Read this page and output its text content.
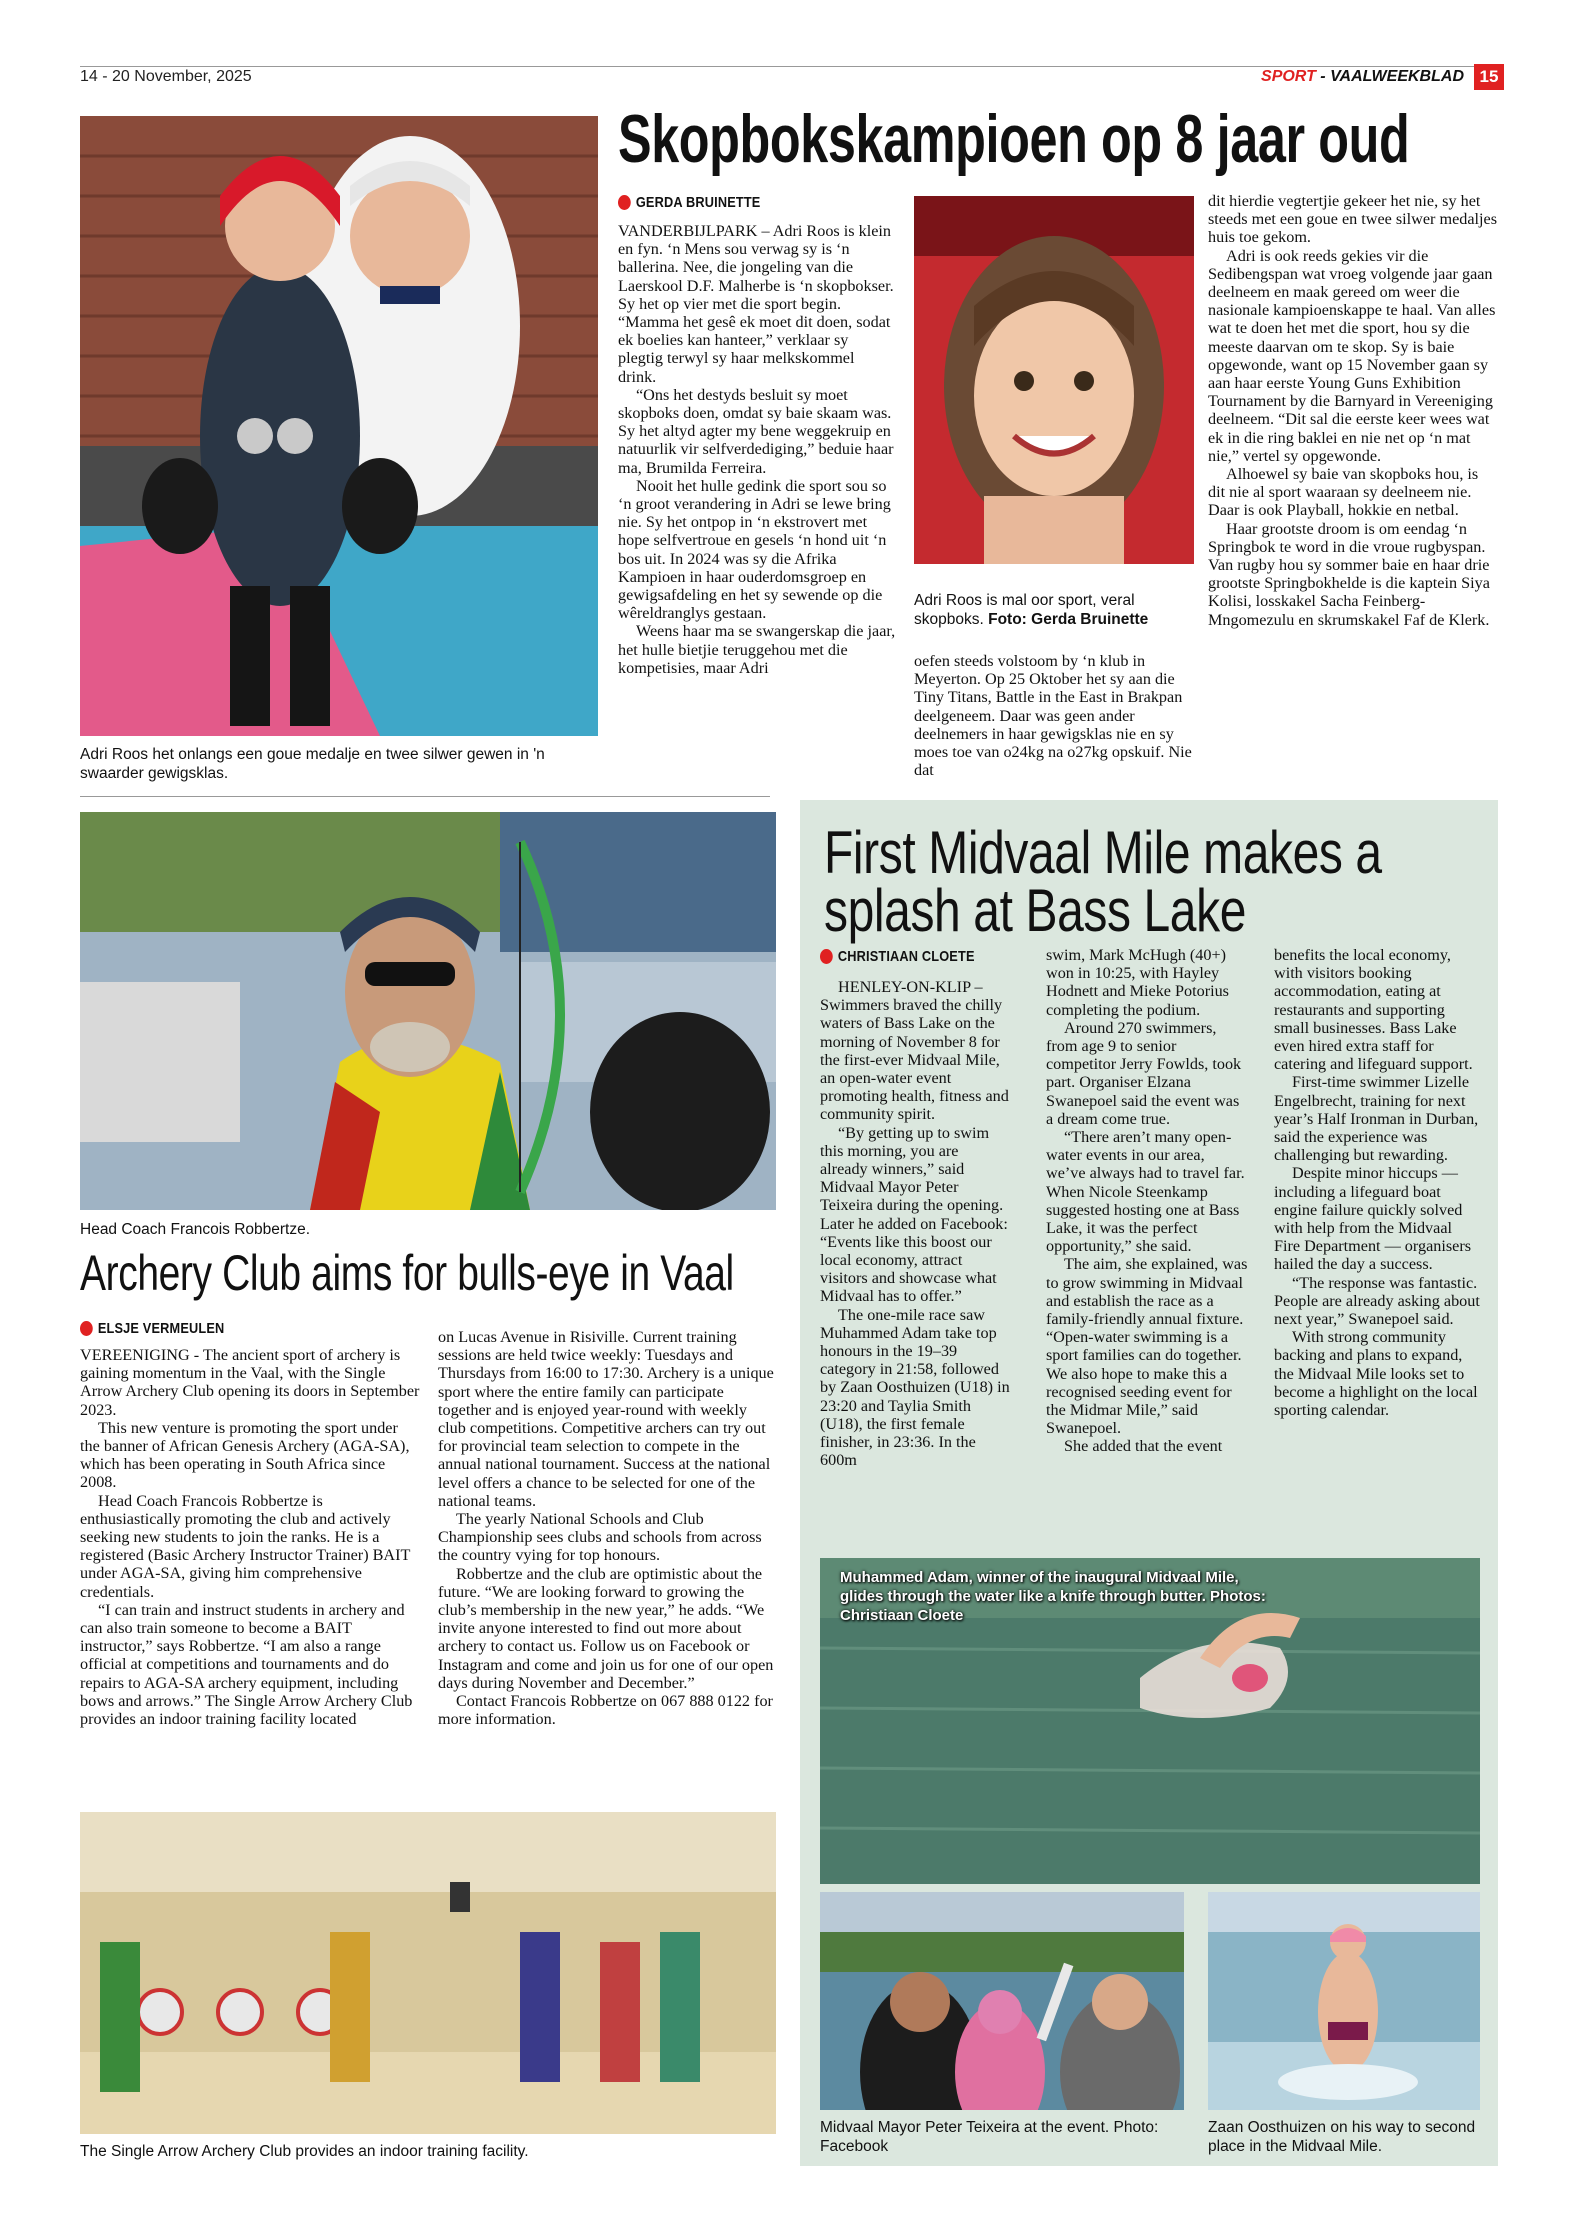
14 - 20 November, 2025	SPORT - VAALWEEKBLAD 15
Adri Roos het onlangs een goue medalje en twee silwer gewen in 'n swaarder gewigsklas.
Skopbokskampioen op 8 jaar oud
GERDA BRUINETTE

VANDERBIJLPARK – Adri Roos is klein en fyn. ‘n Mens sou verwag sy is ‘n ballerina. Nee, die jongeling van die Laerskool D.F. Malherbe is ‘n skopbokser.

Sy het op vier met die sport begin. “Mamma het gesê ek moet dit doen, sodat ek boelies kan hanteer,” verklaar sy plegtig terwyl sy haar melkskommel drink.

“Ons het destyds besluit sy moet skopboks doen, omdat sy baie skaam was. Sy het altyd agter my bene weggekruip en natuurlik vir selfverdediging,” beduie haar ma, Brumilda Ferreira.

Nooit het hulle gedink die sport sou so ‘n groot verandering in Adri se lewe bring nie. Sy het ontpop in ‘n ekstrovert met hope selfvertroue en gesels ‘n hond uit ‘n bos uit. In 2024 was sy die Afrika Kampioen in haar ouderdomsgroep en gewigsafdeling en het sy sewende op die wêreldranglys gestaan.

Weens haar ma se swangerskap die jaar, het hulle bietjie teruggehou met die kompetisies, maar Adri

Adri Roos is mal oor sport, veral skopboks. Foto: Gerda Bruinette

oefen steeds volstoom by ‘n klub in Meyerton. Op 25 Oktober het sy aan die Tiny Titans, Battle in the East in Brakpan deelgeneem. Daar was geen ander deelnemers in haar gewigsklas nie en sy moes toe van o24kg na o27kg opskuif. Nie dat

dit hierdie vegtertjie gekeer het nie, sy het steeds met een goue en twee silwer medaljes huis toe gekom.

Adri is ook reeds gekies vir die Sedibengspan wat vroeg volgende jaar gaan deelneem en maak gereed om weer die nasionale kampioenskappe te haal. Van alles wat te doen het met die sport, hou sy die meeste daarvan om te skop. Sy is baie opgewonde, want op 15 November gaan sy aan haar eerste Young Guns Exhibition Tournament by die Barnyard in Vereeniging deelneem. “Dit sal die eerste keer wees wat ek in die ring baklei en nie net op ‘n mat nie,” vertel sy opgewonde.

Alhoewel sy baie van skopboks hou, is dit nie al sport waaraan sy deelneem nie. Daar is ook Playball, hokkie en netbal.

Haar grootste droom is om eendag ‘n Springbok te word in die vroue rugbyspan. Van rugby hou sy sommer baie en haar drie grootste Springbokhelde is die kaptein Siya Kolisi, losskakel Sacha Feinberg-Mngomezulu en skrumskakel Faf de Klerk.

Head Coach Francois Robbertze.
Archery Club aims for bulls-eye in Vaal
ELSJE VERMEULEN

VEREENIGING - The ancient sport of archery is gaining momentum in the Vaal, with the Single Arrow Archery Club opening its doors in September 2023.

This new venture is promoting the sport under the banner of African Genesis Archery (AGA-SA), which has been operating in South Africa since 2008.

Head Coach Francois Robbertze is enthusiastically promoting the club and actively seeking new students to join the ranks. He is a registered (Basic Archery Instructor Trainer) BAIT under AGA-SA, giving him comprehensive credentials.

“I can train and instruct students in archery and can also train someone to become a BAIT instructor,” says Robbertze. “I am also a range official at competitions and tournaments and do repairs to AGA-SA archery equipment, including bows and arrows.” The Single Arrow Archery Club provides an indoor training facility located

on Lucas Avenue in Risiville. Current training sessions are held twice weekly: Tuesdays and Thursdays from 16:00 to 17:30. Archery is a unique sport where the entire family can participate together and is enjoyed year-round with weekly club competitions. Competitive archers can try out for provincial team selection to compete in the annual national tournament. Success at the national level offers a chance to be selected for one of the national teams.

The yearly National Schools and Club Championship sees clubs and schools from across the country vying for top honours.

Robbertze and the club are optimistic about the future. “We are looking forward to growing the club’s membership in the new year,” he adds. “We invite anyone interested to find out more about archery to contact us. Follow us on Facebook or Instagram and come and join us for one of our open days during November and December.”

Contact Francois Robbertze on 067 888 0122 for more information.

The Single Arrow Archery Club provides an indoor training facility.
First Midvaal Mile makes a
splash at Bass Lake
CHRISTIAAN CLOETE

HENLEY-ON-KLIP – Swimmers braved the chilly waters of Bass Lake on the morning of November 8 for the first-ever Midvaal Mile, an open-water event promoting health, fitness and community spirit.

“By getting up to swim this morning, you are already winners,” said Midvaal Mayor Peter Teixeira during the opening. Later he added on Facebook: “Events like this boost our local economy, attract visitors and showcase what Midvaal has to offer.”

The one-mile race saw Muhammed Adam take top honours in the 19–39 category in 21:58, followed by Zaan Oosthuizen (U18) in 23:20 and Taylia Smith (U18), the first female finisher, in 23:36. In the 600m

swim, Mark McHugh (40+) won in 10:25, with Hayley Hodnett and Mieke Potorius completing the podium.

Around 270 swimmers, from age 9 to senior competitor Jerry Fowlds, took part. Organiser Elzana Swanepoel said the event was a dream come true.

“There aren’t many open-water events in our area, we’ve always had to travel far. When Nicole Steenkamp suggested hosting one at Bass Lake, it was the perfect opportunity,” she said.

The aim, she explained, was to grow swimming in Midvaal and establish the race as a family-friendly annual fixture. “Open-water swimming is a sport families can do together. We also hope to make this a recognised seeding event for the Midmar Mile,” said Swanepoel.

She added that the event

benefits the local economy, with visitors booking accommodation, eating at restaurants and supporting small businesses. Bass Lake even hired extra staff for catering and lifeguard support.

First-time swimmer Lizelle Engelbrecht, training for next year’s Half Ironman in Durban, said the experience was challenging but rewarding.

Despite minor hiccups — including a lifeguard boat engine failure quickly solved with help from the Midvaal Fire Department — organisers hailed the day a success.

“The response was fantastic. People are already asking about next year,” Swanepoel said.

With strong community backing and plans to expand, the Midvaal Mile looks set to become a highlight on the local sporting calendar.

Muhammed Adam, winner of the inaugural Midvaal Mile, glides through the water like a knife through butter. Photos: Christiaan Cloete
Midvaal Mayor Peter Teixeira at the event. Photo: Facebook
Zaan Oosthuizen on his way to second place in the Midvaal Mile.
